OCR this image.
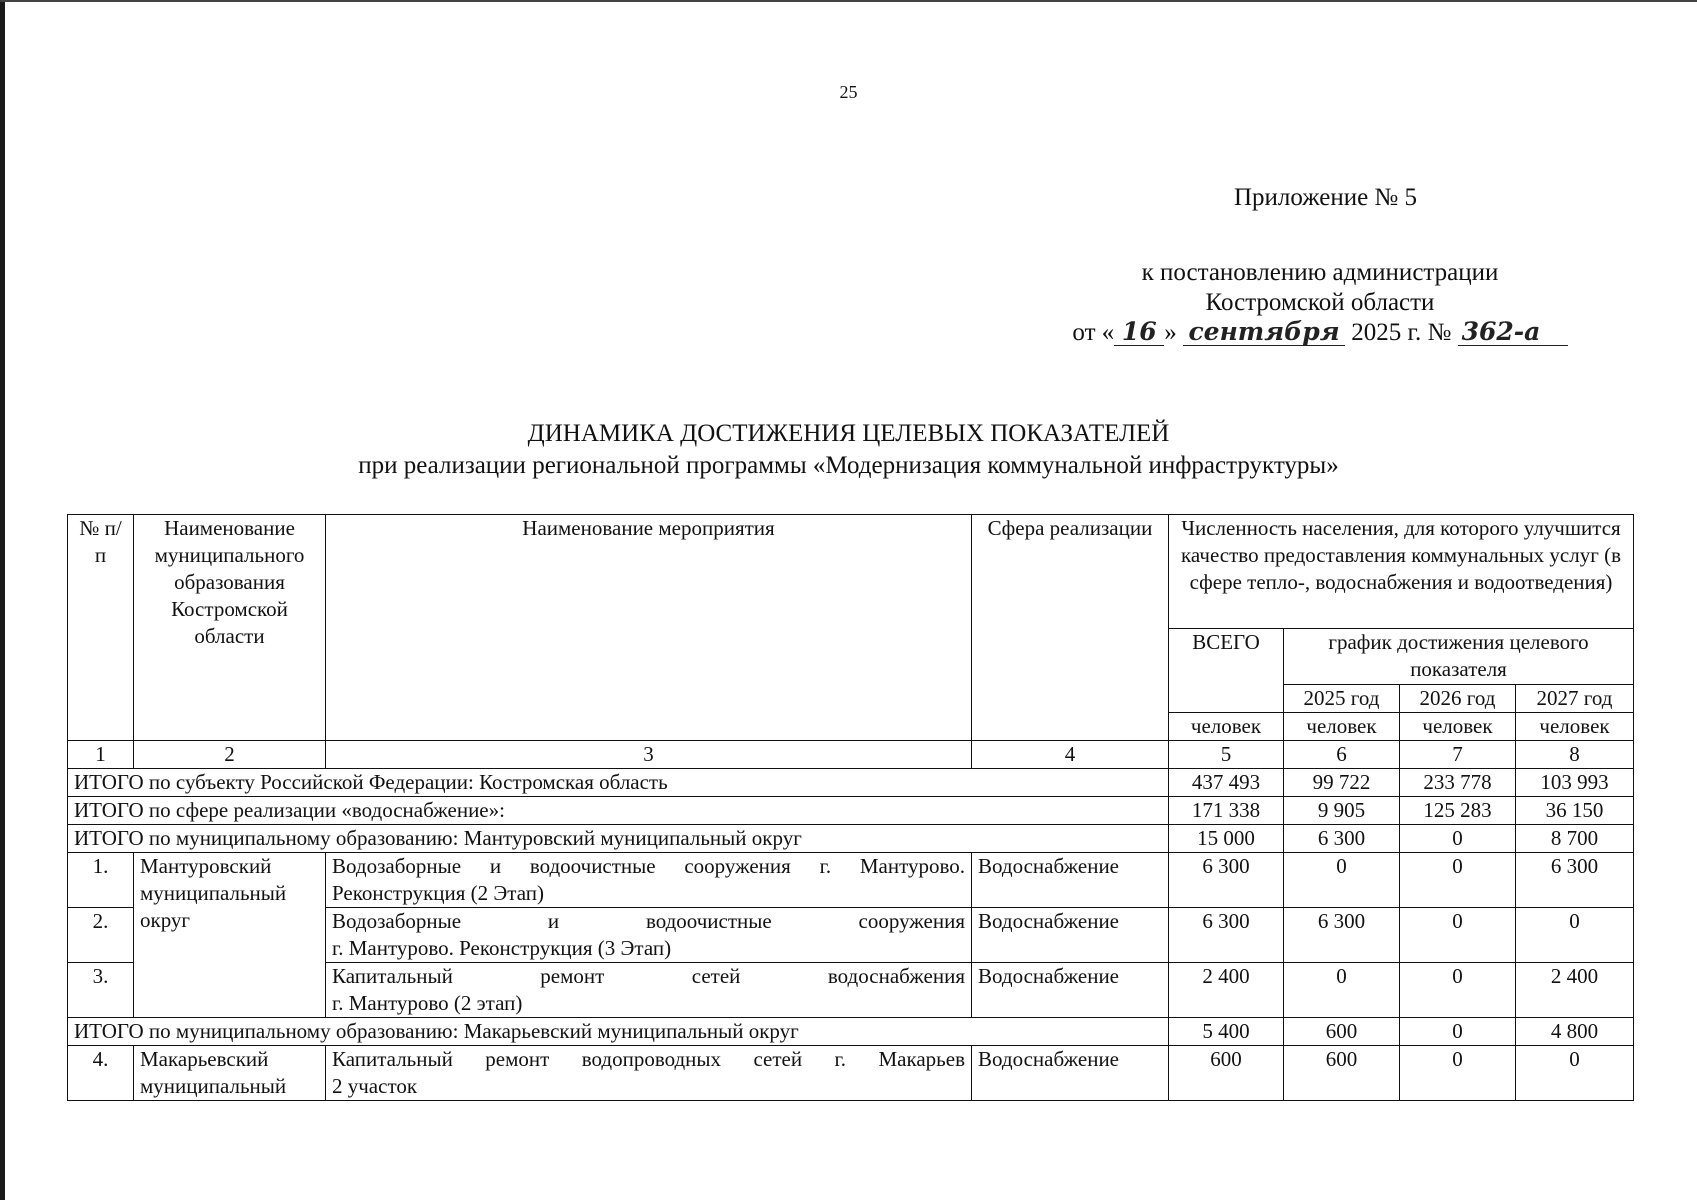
25
Приложение № 5
к постановлению администрации
Костромской области
от « 16 » сентября 2025 г. № 362-а
ДИНАМИКА ДОСТИЖЕНИЯ ЦЕЛЕВЫХ ПОКАЗАТЕЛЕЙ
при реализации региональной программы «Модернизация коммунальной инфраструктуры»
№ п/п	Наименование муниципального образования Костромской области	Наименование мероприятия	Сфера реализации	Численность населения, для которого улучшится качество предоставления коммунальных услуг (в сфере тепло-, водоснабжения и водоотведения)			
				ВСЕГО	график достижения целевого показателя		
					2025 год	2026 год	2027 год
				человек	человек	человек	человек
1	2	3	4	5	6	7	8
ИТОГО по субъекту Российской Федерации: Костромская область				437 493	99 722	233 778	103 993
ИТОГО по сфере реализации «водоснабжение»:				171 338	9 905	125 283	36 150
ИТОГО по муниципальному образованию: Мантуровский муниципальный округ				15 000	6 300	0	8 700
1.	Мантуровский муниципальный округ	Водозаборные и водоочистные сооружения г. Мантурово.
Реконструкция (2 Этап)	Водоснабжение	6 300	0	0	6 300
2.		Водозаборные и водоочистные сооружения
г. Мантурово. Реконструкция (3 Этап)	Водоснабжение	6 300	6 300	0	0
3.		Капитальный ремонт сетей водоснабжения
г. Мантурово (2 этап)	Водоснабжение	2 400	0	0	2 400
ИТОГО по муниципальному образованию: Макарьевский муниципальный округ				5 400	600	0	4 800
4.	Макарьевский муниципальный	Капитальный ремонт водопроводных сетей г. Макарьев
2 участок	Водоснабжение	600	600	0	0
